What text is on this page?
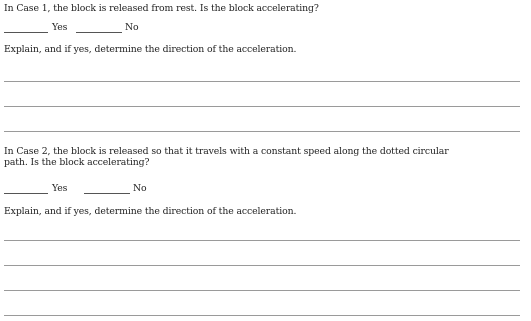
In Case 1, the block is released from rest. Is the block accelerating?
Yes	No
Explain, and if yes, determine the direction of the acceleration.
In Case 2, the block is released so that it travels with a constant speed along the dotted circular
path. Is the block accelerating?
Yes	No
Explain, and if yes, determine the direction of the acceleration.
